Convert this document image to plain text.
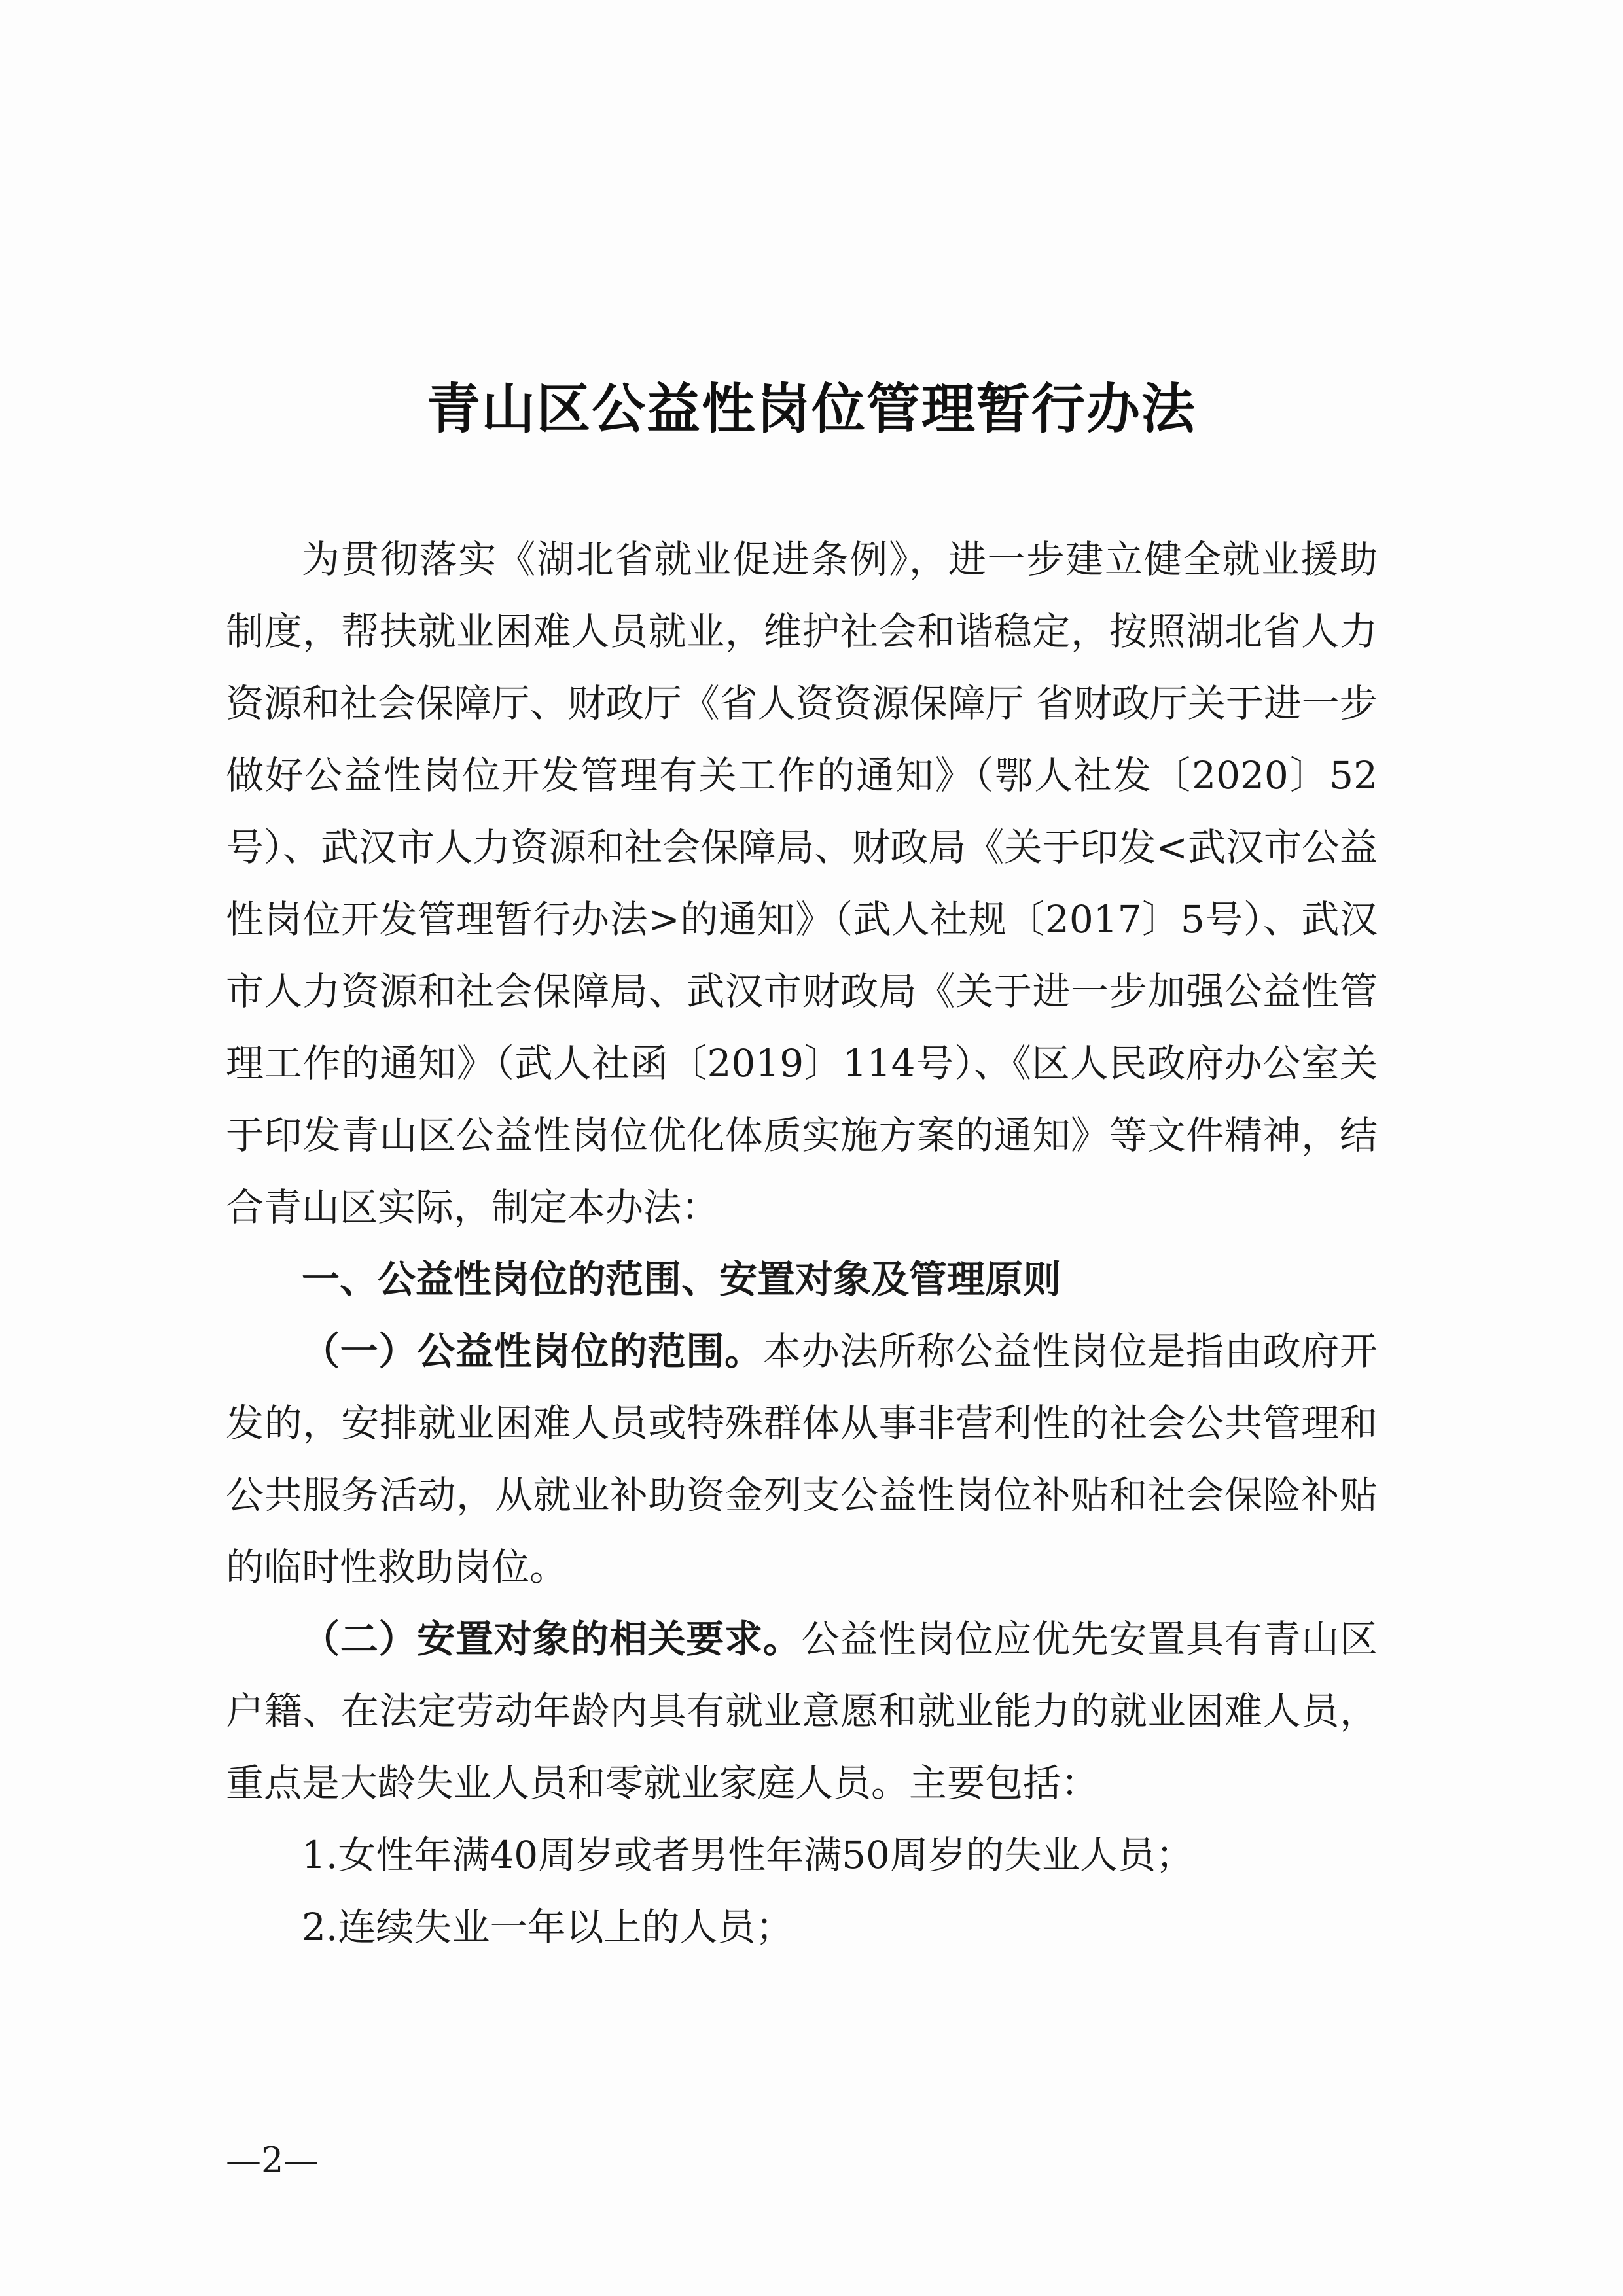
青山区公益性岗位管理暂行办法

为贯彻落实《湖北省就业促进条例》，进一步建立健全就业援助制度，帮扶就业困难人员就业，维护社会和谐稳定，按照湖北省人力资源和社会保障厅、财政厅《省人资资源保障厅 省财政厅关于进一步做好公益性岗位开发管理有关工作的通知》（鄂人社发〔2020〕52号）、武汉市人力资源和社会保障局、财政局《关于印发<武汉市公益性岗位开发管理暂行办法>的通知》（武人社规〔2017〕5号）、武汉市人力资源和社会保障局、武汉市财政局《关于进一步加强公益性管理工作的通知》（武人社函〔2019〕114号）、《区人民政府办公室关于印发青山区公益性岗位优化体质实施方案的通知》等文件精神，结合青山区实际，制定本办法：

一、公益性岗位的范围、安置对象及管理原则

（一）公益性岗位的范围。本办法所称公益性岗位是指由政府开发的，安排就业困难人员或特殊群体从事非营利性的社会公共管理和公共服务活动，从就业补助资金列支公益性岗位补贴和社会保险补贴的临时性救助岗位。

（二）安置对象的相关要求。公益性岗位应优先安置具有青山区户籍、在法定劳动年龄内具有就业意愿和就业能力的就业困难人员，重点是大龄失业人员和零就业家庭人员。主要包括：

1.女性年满40周岁或者男性年满50周岁的失业人员；

2.连续失业一年以上的人员；

—2—
